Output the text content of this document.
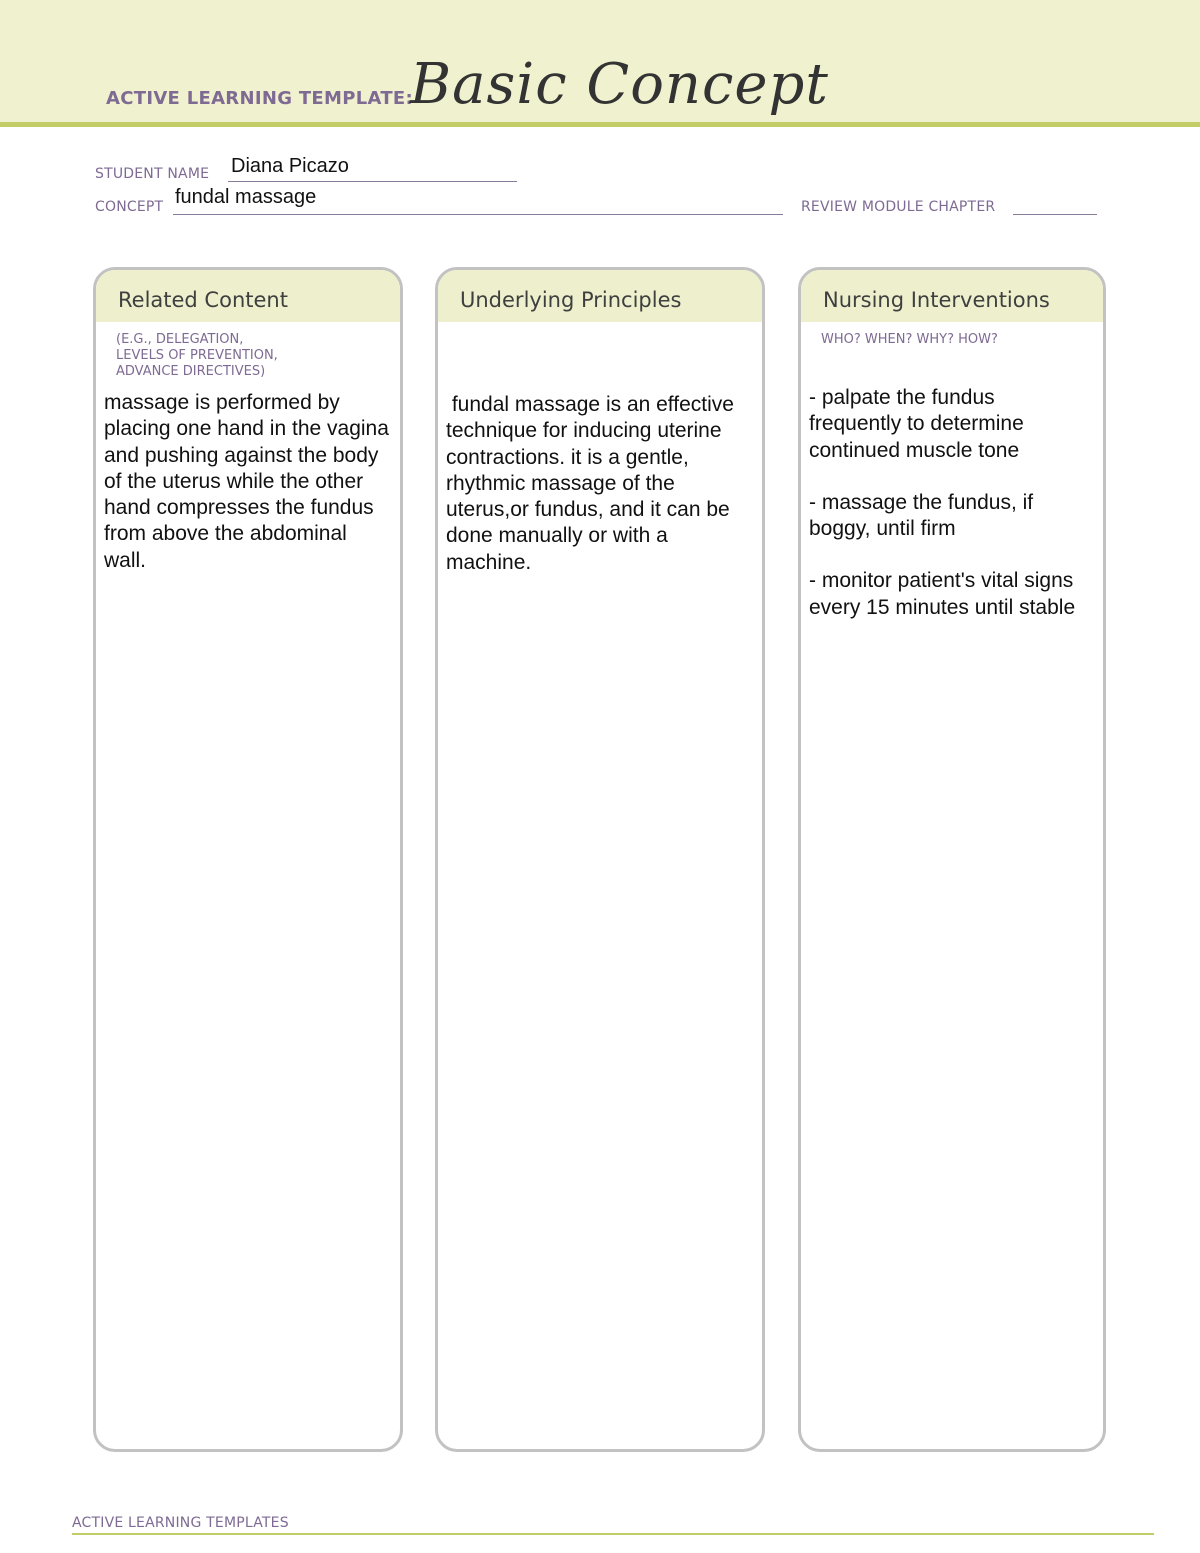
ACTIVE LEARNING TEMPLATE:
Basic Concept
STUDENT NAME Diana Picazo
CONCEPT fundal massage	REVIEW MODULE CHAPTER
Related Content
(E.G., DELEGATION,
LEVELS OF PREVENTION,
ADVANCE DIRECTIVES)
massage is performed by placing one hand in the vagina and pushing against the body of the uterus while the other hand compresses the fundus from above the abdominal wall.
Underlying Principles
fundal massage is an effective technique for inducing uterine contractions. it is a gentle, rhythmic massage of the uterus,or fundus, and it can be done manually or with a machine.
Nursing Interventions
WHO? WHEN? WHY? HOW?
- palpate the fundus frequently to determine continued muscle tone
- massage the fundus, if boggy, until firm
- monitor patient's vital signs every 15 minutes until stable
ACTIVE LEARNING TEMPLATES
